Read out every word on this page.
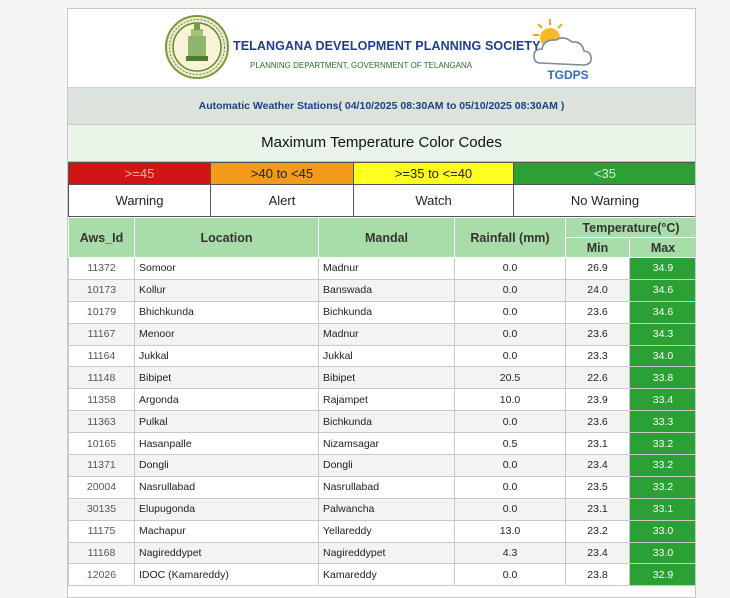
TELANGANA DEVELOPMENT PLANNING SOCIETY
PLANNING DEPARTMENT, GOVERNMENT OF TELANGANA
TGDPS
Automatic Weather Stations( 04/10/2025 08:30AM to 05/10/2025 08:30AM )
Maximum Temperature Color Codes
>=45	>40 to <45	>=35 to <=40	<35
Warning	Alert	Watch	No Warning
Aws_Id	Location	Mandal	Rainfall (mm)	Temperature(°C)	
				Min	Max
11372	Somoor	Madnur	0.0	26.9	34.9
10173	Kollur	Banswada	0.0	24.0	34.6
10179	Bhichkunda	Bichkunda	0.0	23.6	34.6
11167	Menoor	Madnur	0.0	23.6	34.3
11164	Jukkal	Jukkal	0.0	23.3	34.0
11148	Bibipet	Bibipet	20.5	22.6	33.8
11358	Argonda	Rajampet	10.0	23.9	33.4
11363	Pulkal	Bichkunda	0.0	23.6	33.3
10165	Hasanpalle	Nizamsagar	0.5	23.1	33.2
11371	Dongli	Dongli	0.0	23.4	33.2
20004	Nasrullabad	Nasrullabad	0.0	23.5	33.2
30135	Elupugonda	Palwancha	0.0	23.1	33.1
11175	Machapur	Yellareddy	13.0	23.2	33.0
11168	Nagireddypet	Nagireddypet	4.3	23.4	33.0
12026	IDOC (Kamareddy)	Kamareddy	0.0	23.8	32.9
